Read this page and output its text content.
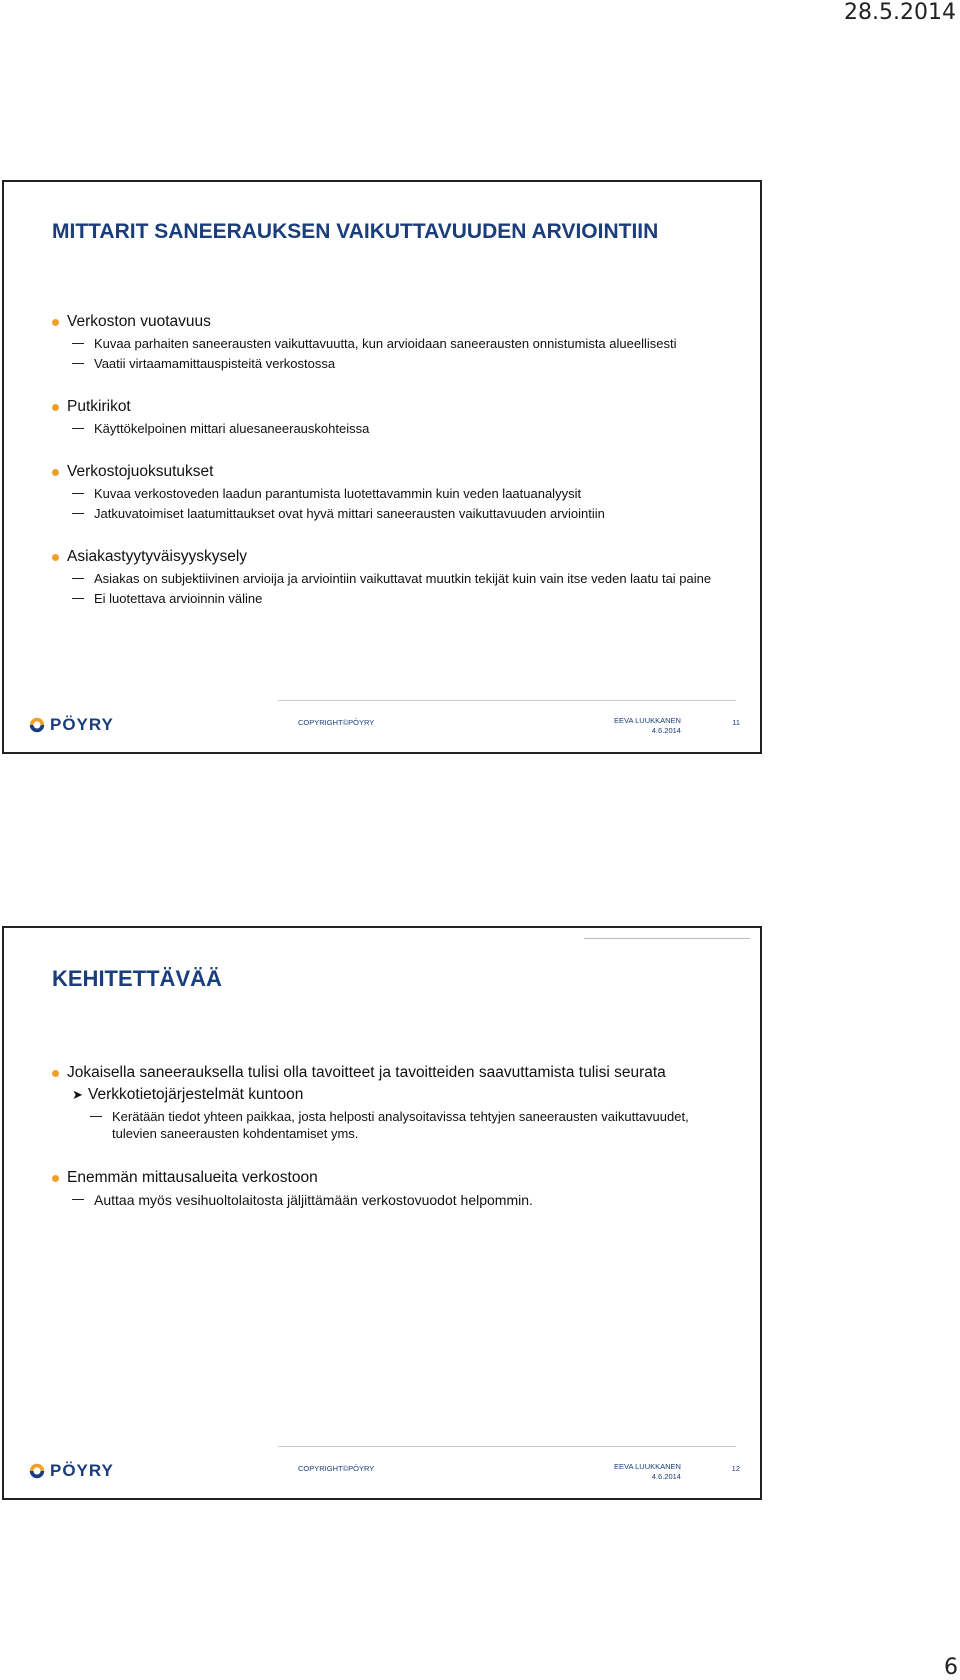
28.5.2014
MITTARIT SANEERAUKSEN VAIKUTTAVUUDEN ARVIOINTIIN
Verkoston vuotavuus
Kuvaa parhaiten saneerausten vaikuttavuutta, kun arvioidaan saneerausten onnistumista alueellisesti
Vaatii virtaamamittauspisteitä verkostossa
Putkirikot
Käyttökelpoinen mittari aluesaneerauskohteissa
Verkostojuoksutukset
Kuvaa verkostoveden laadun parantumista luotettavammin kuin veden laatuanalyysit
Jatkuvatoimiset laatumittaukset ovat hyvä mittari saneerausten vaikuttavuuden arviointiin
Asiakastyytyväisyyskysely
Asiakas on subjektiivinen arvioija ja arviointiin vaikuttavat muutkin tekijät kuin vain itse veden laatu tai paine
Ei luotettava arvioinnin väline
PÖYRY	COPYRIGHT©PÖYRY	EEVA LUUKKANEN
4.6.2014
11
KEHITETTÄVÄÄ
Jokaisella saneerauksella tulisi olla tavoitteet ja tavoitteiden saavuttamista tulisi seurata
➤ Verkkotietojärjestelmät kuntoon
Kerätään tiedot yhteen paikkaa, josta helposti analysoitavissa tehtyjen saneerausten vaikuttavuudet, tulevien saneerausten kohdentamiset yms.
Enemmän mittausalueita verkostoon
Auttaa myös vesihuoltolaitosta jäljittämään verkostovuodot helpommin.
PÖYRY	COPYRIGHT©PÖYRY	EEVA LUUKKANEN
4.6.2014
12
6
